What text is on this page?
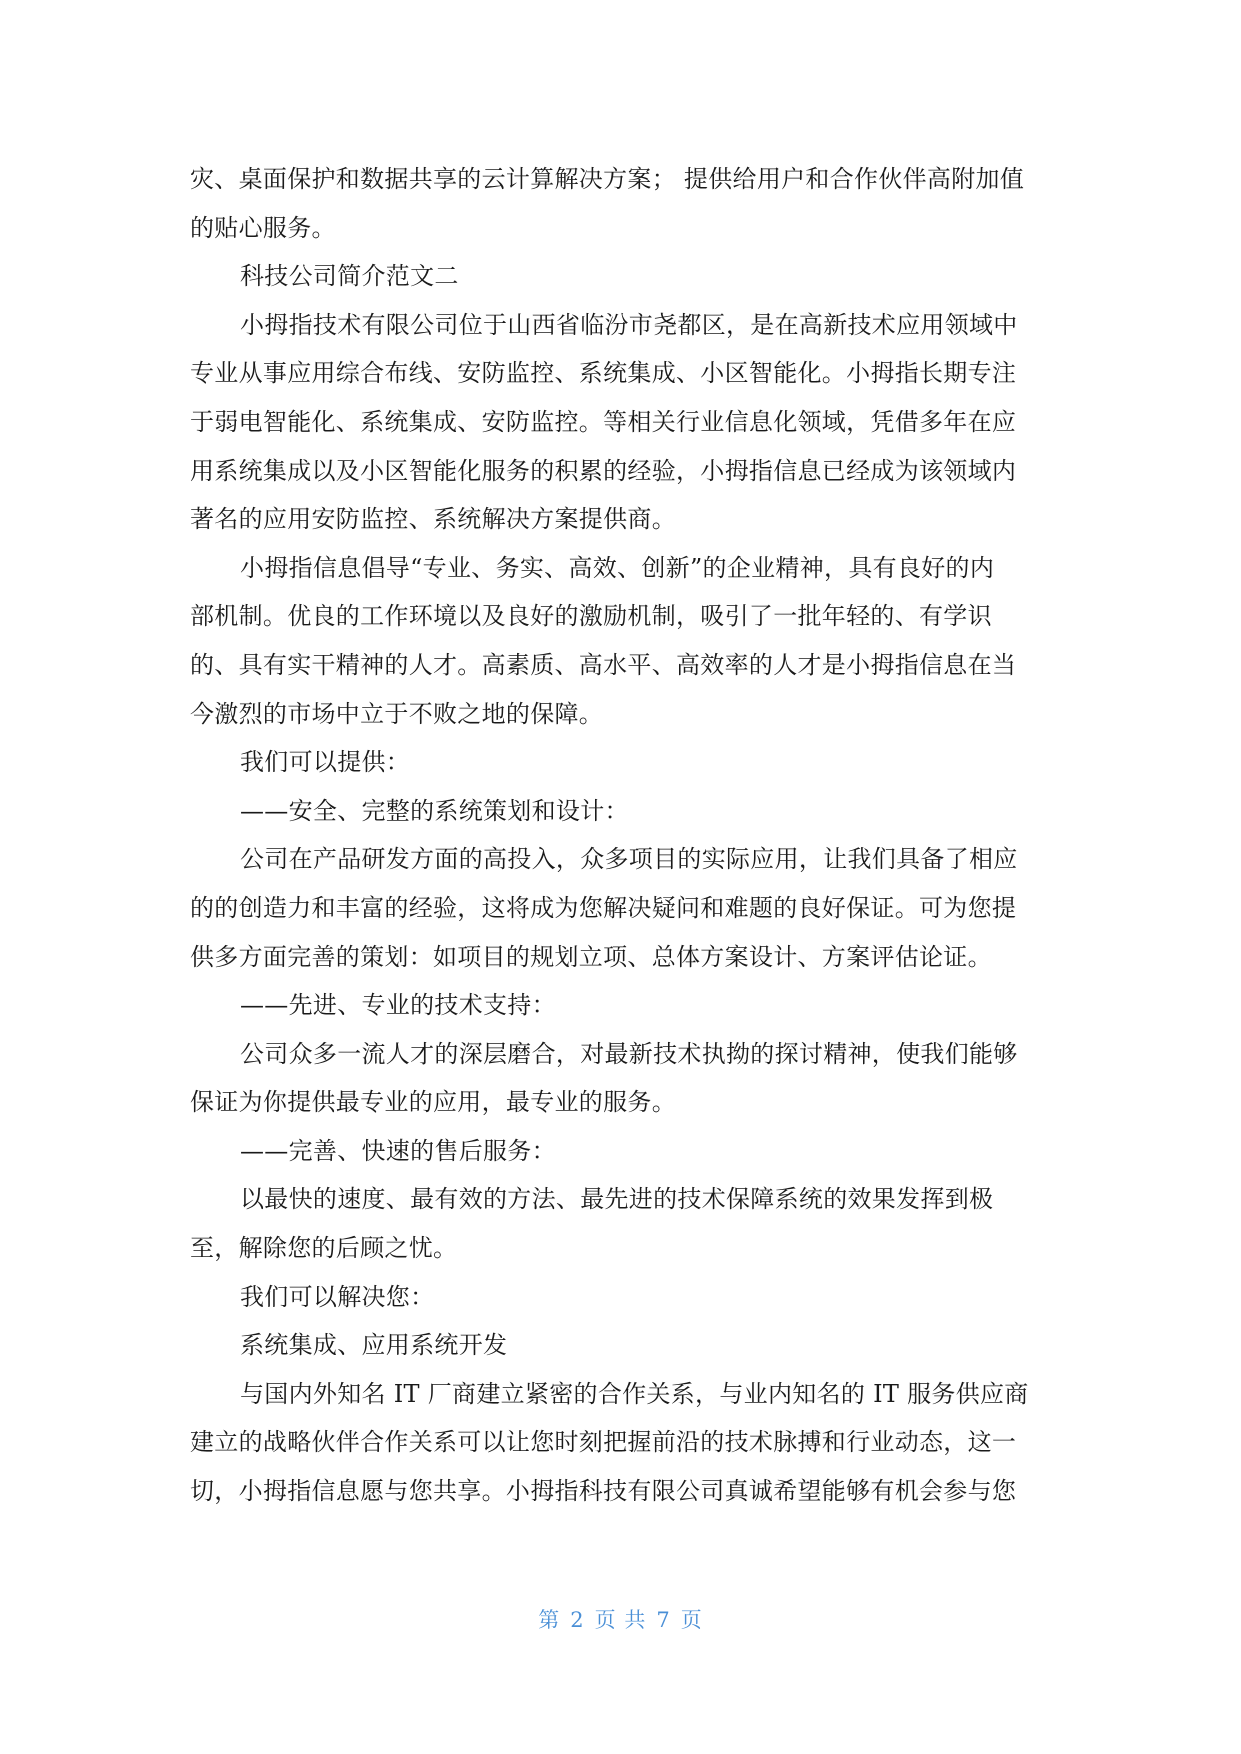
灾、桌面保护和数据共享的云计算解决方案； 提供给用户和合作伙伴高附加值
的贴心服务。
科技公司简介范文二
小拇指技术有限公司位于山西省临汾市尧都区，是在高新技术应用领域中
专业从事应用综合布线、安防监控、系统集成、小区智能化。小拇指长期专注
于弱电智能化、系统集成、安防监控。等相关行业信息化领域，凭借多年在应
用系统集成以及小区智能化服务的积累的经验，小拇指信息已经成为该领域内
著名的应用安防监控、系统解决方案提供商。
小拇指信息倡导“专业、务实、高效、创新”的企业精神，具有良好的内
部机制。优良的工作环境以及良好的激励机制，吸引了一批年轻的、有学识
的、具有实干精神的人才。高素质、高水平、高效率的人才是小拇指信息在当
今激烈的市场中立于不败之地的保障。
我们可以提供：
——安全、完整的系统策划和设计：
公司在产品研发方面的高投入，众多项目的实际应用，让我们具备了相应
的的创造力和丰富的经验，这将成为您解决疑问和难题的良好保证。可为您提
供多方面完善的策划：如项目的规划立项、总体方案设计、方案评估论证。
——先进、专业的技术支持：
公司众多一流人才的深层磨合，对最新技术执拗的探讨精神，使我们能够
保证为你提供最专业的应用，最专业的服务。
——完善、快速的售后服务：
以最快的速度、最有效的方法、最先进的技术保障系统的效果发挥到极
至，解除您的后顾之忧。
我们可以解决您：
系统集成、应用系统开发
与国内外知名 IT 厂商建立紧密的合作关系，与业内知名的 IT 服务供应商
建立的战略伙伴合作关系可以让您时刻把握前沿的技术脉搏和行业动态，这一
切，小拇指信息愿与您共享。小拇指科技有限公司真诚希望能够有机会参与您
第 2 页 共 7 页
